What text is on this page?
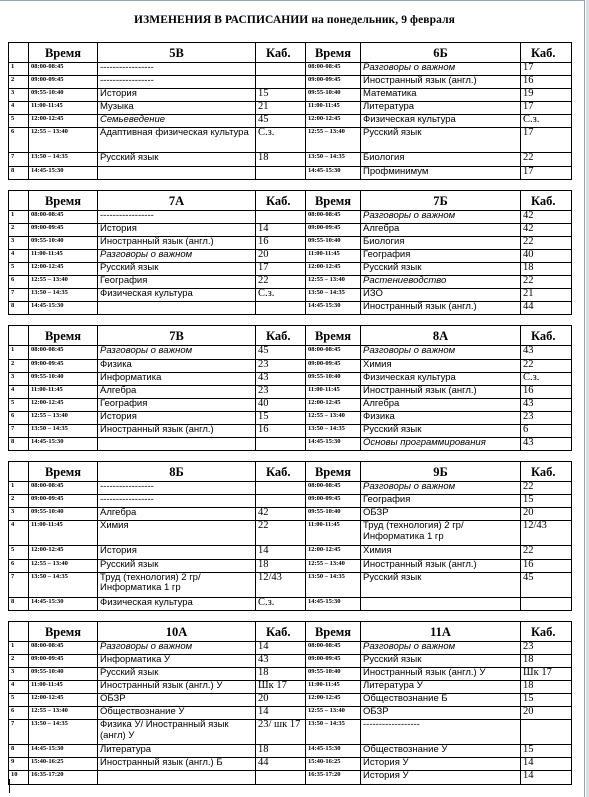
ИЗМЕНЕНИЯ В РАСПИСАНИИ на понедельник, 9 февраля
	Время	5В	Каб.	Время	6Б	Каб.
1	08:00-08:45	-----------------		08:00-08:45	Разговоры о важном	17
2	09:00-09:45	-----------------		09:00-09:45	Иностранный язык (англ.)	16
3	09:55-10:40	История	15	09:55-10:40	Математика	19
4	11:00-11:45	Музыка	21	11:00-11:45	Литература	17
5	12:00-12:45	Семьеведение	45	12:00-12:45	Физическая культура	С.з.
6	12:55 – 13:40	Адаптивная физическая культура	С.з.	12:55 – 13:40	Русский язык	17
7	13:50 – 14:35	Русский язык	18	13:50 – 14:35	Биология	22
8	14:45-15:30			14:45-15:30	Профминимум	17

	Время	7А	Каб.	Время	7Б	Каб.
1	08:00-08:45	-----------------		08:00-08:45	Разговоры о важном	42
2	09:00-09:45	История	14	09:00-09:45	Алгебра	42
3	09:55-10:40	Иностранный язык (англ.)	16	09:55-10:40	Биология	22
4	11:00-11:45	Разговоры о важном	20	11:00-11:45	География	40
5	12:00-12:45	Русский язык	17	12:00-12:45	Русский язык	18
6	12:55 – 13:40	География	22	12:55 – 13:40	Растениеводство	22
7	13:50 – 14:35	Физическая культура	С.з.	13:50 – 14:35	ИЗО	21
8	14:45-15:30			14:45-15:30	Иностранный язык (англ.)	44

	Время	7В	Каб.	Время	8А	Каб.
1	08:00-08:45	Разговоры о важном	45	08:00-08:45	Разговоры о важном	43
2	09:00-09:45	Физика	23	09:00-09:45	Химия	22
3	09:55-10:40	Информатика	43	09:55-10:40	Физическая культура	С.з.
4	11:00-11:45	Алгебра	23	11:00-11:45	Иностранный язык (англ.)	16
5	12:00-12:45	География	40	12:00-12:45	Алгебра	43
6	12:55 – 13:40	История	15	12:55 – 13:40	Физика	23
7	13:50 – 14:35	Иностранный язык (англ.)	16	13:50 – 14:35	Русский язык	6
8	14:45-15:30			14:45-15:30	Основы программирования	43

	Время	8Б	Каб.	Время	9Б	Каб.
1	08:00-08:45	-----------------		08:00-08:45	Разговоры о важном	22
2	09:00-09:45	-----------------		09:00-09:45	География	15
3	09:55-10:40	Алгебра	42	09:55-10:40	ОБЗР	20
4	11:00-11:45	Химия	22	11:00-11:45	Труд (технология) 2 гр/ Информатика 1 гр	12/43
5	12:00-12:45	История	14	12:00-12:45	Химия	22
6	12:55 – 13:40	Русский язык	18	12:55 – 13:40	Иностранный язык (англ.)	16
7	13:50 – 14:35	Труд (технология) 2 гр/ Информатика 1 гр	12/43	13:50 – 14:35	Русский язык	45
8	14:45-15:30	Физическая культура	С.з.	14:45-15:30		

	Время	10А	Каб.	Время	11А	Каб.
1	08:00-08:45	Разговоры о важном	14	08:00-08:45	Разговоры о важном	23
2	09:00-09:45	Информатика У	43	09:00-09:45	Русский язык	18
3	09:55-10:40	Русский язык	18	09:55-10:40	Иностранный язык (англ.) У	Шк 17
4	11:00-11:45	Иностранный язык (англ.) У	Шк 17	11:00-11:45	Литература У	18
5	12:00-12:45	ОБЗР	20	12:00-12:45	Обществознание Б	15
6	12:55 – 13:40	Обществознание У	14	12:55 – 13:40	ОБЗР	20
7	13:50 – 14:35	Физика У/ Иностранный язык (англ) У	23/ шк 17	13:50 – 14:35	------------------	
8	14:45-15:30	Литература	18	14:45-15:30	Обществознание У	15
9	15:40-16:25	Иностранный язык (англ.) Б	44	15:40-16:25	История У	14
10	16:35-17:20			16:35-17:20	История У	14
